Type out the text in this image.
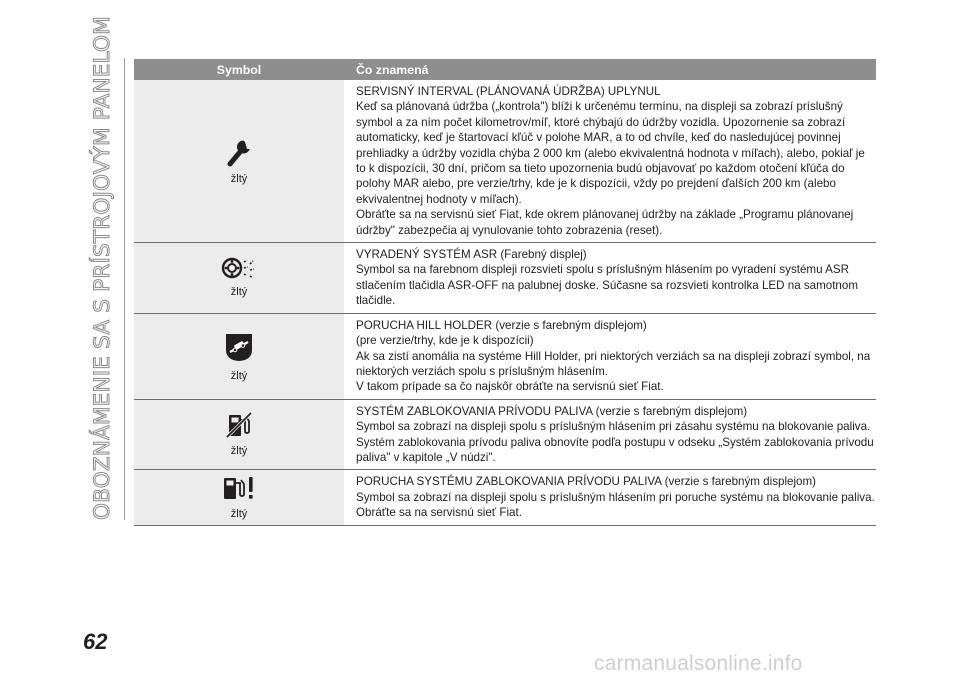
OBOZNÁMENIE SA S PRÍSTROJOVÝM PANELOM	Symbol	Čo znamená

žltý	SERVISNÝ INTERVAL (PLÁNOVANÁ ÚDRŽBA) UPLYNUL

Keď sa plánovaná údržba („kontrola") blíži k určenému termínu, na displeji sa zobrazí príslušný symbol a za ním počet kilometrov/míľ, ktoré chýbajú do údržby vozidla. Upozornenie sa zobrazí automaticky, keď je štartovací kľúč v polohe MAR, a to od chvíle, keď do nasledujúcej povinnej prehliadky a údržby vozidla chýba 2 000 km (alebo ekvivalentná hodnota v míľach), alebo, pokiaľ je to k dispozícii, 30 dní, pričom sa tieto upozornenia budú objavovať po každom otočení kľúča do polohy MAR alebo, pre verzie/trhy, kde je k dispozícii, vždy po prejdení ďalších 200 km (alebo ekvivalentnej hodnoty v míľach).

Obráťte sa na servisnú sieť Fiat, kde okrem plánovanej údržby na základe „Programu plánovanej údržby" zabezpečia aj vynulovanie tohto zobrazenia (reset).

žltý	VYRADENÝ SYSTÉM ASR (Farebný displej)

Symbol sa na farebnom displeji rozsvieti spolu s príslušným hlásením po vyradení systému ASR stlačením tlačidla ASR-OFF na palubnej doske. Súčasne sa rozsvieti kontrolka LED na samotnom tlačidle.

žltý	PORUCHA HILL HOLDER (verzie s farebným displejom)

(pre verzie/trhy, kde je k dispozícii)

Ak sa zistí anomália na systéme Hill Holder, pri niektorých verziách sa na displeji zobrazí symbol, na niektorých verziách spolu s príslušným hlásením.

V takom prípade sa čo najskôr obráťte na servisnú sieť Fiat.

žltý	SYSTÉM ZABLOKOVANIA PRÍVODU PALIVA (verzie s farebným displejom)

Symbol sa zobrazí na displeji spolu s príslušným hlásením pri zásahu systému na blokovanie paliva. Systém zablokovania prívodu paliva obnovíte podľa postupu v odseku „Systém zablokovania prívodu paliva" v kapitole „V núdzi".

žltý	PORUCHA SYSTÉMU ZABLOKOVANIA PRÍVODU PALIVA (verzie s farebným displejom)

Symbol sa zobrazí na displeji spolu s príslušným hlásením pri poruche systému na blokovanie paliva. Obráťte sa na servisnú sieť Fiat.

62
carmanualsonline.info
